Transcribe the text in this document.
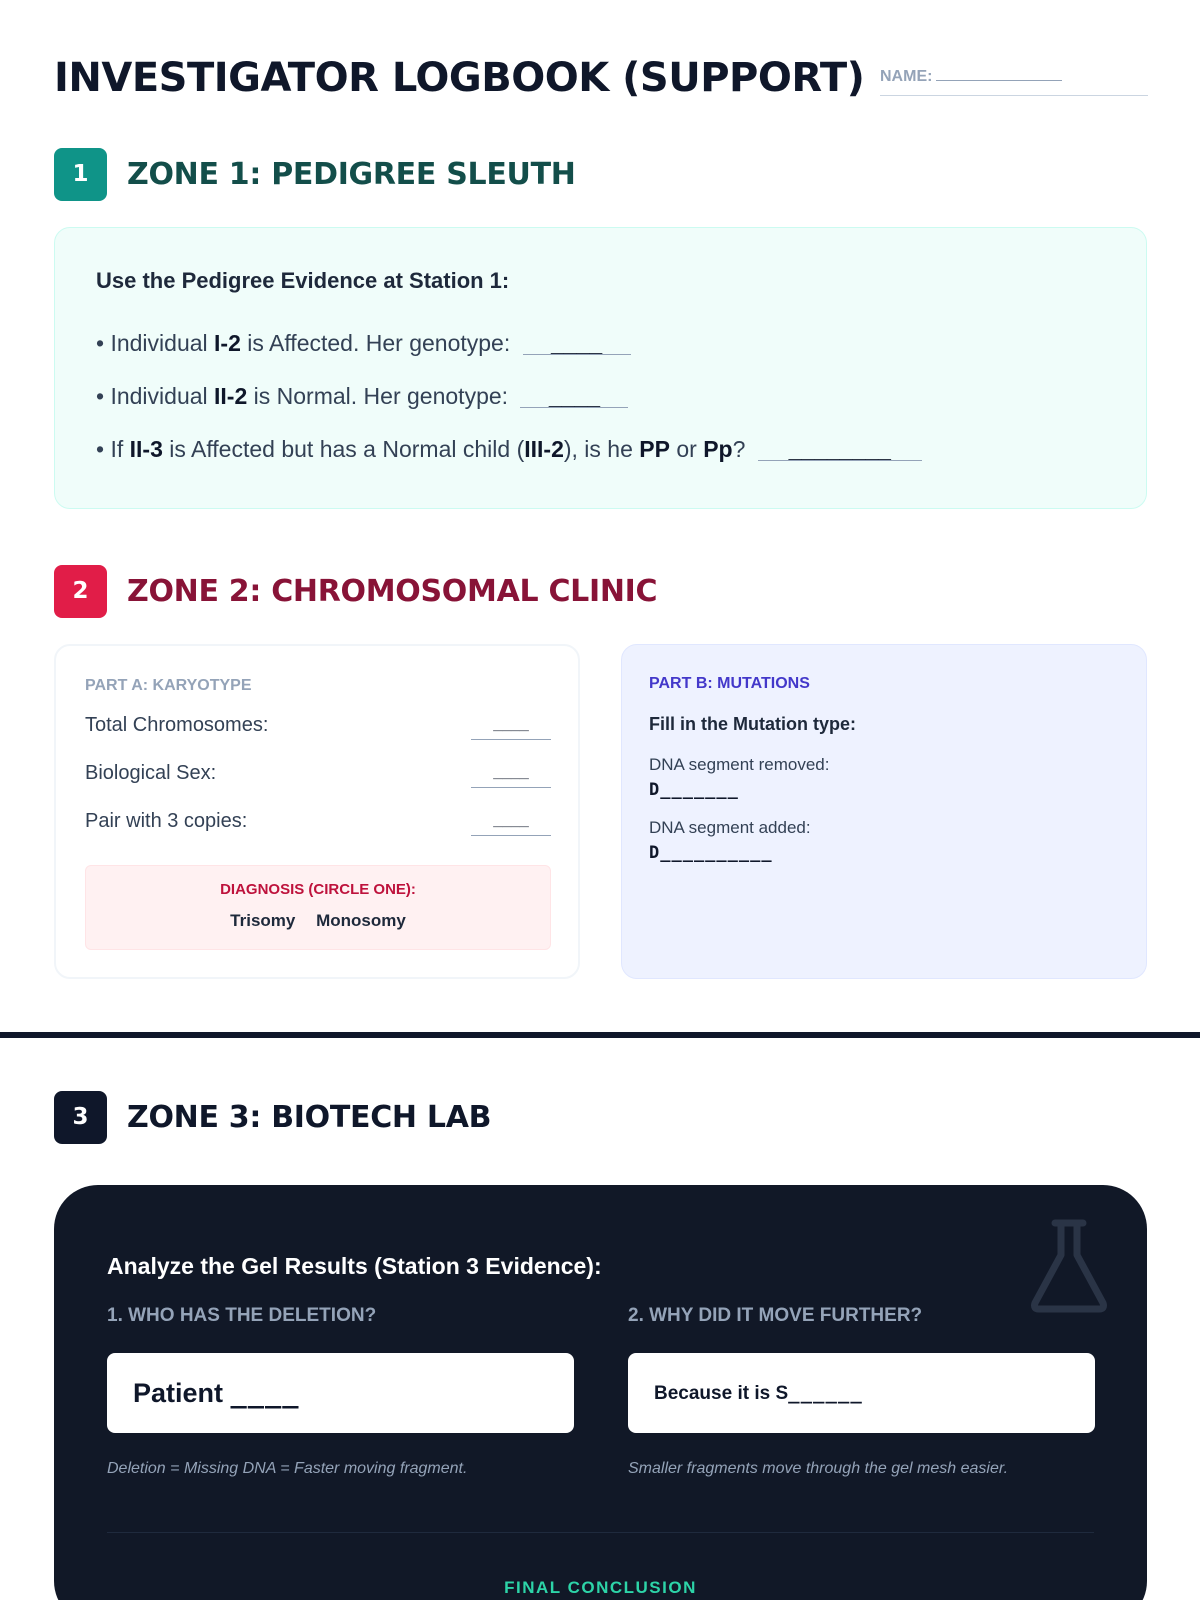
INVESTIGATOR LOGBOOK (SUPPORT) NAME:
1	ZONE 1: PEDIGREE SLEUTH
Use the Pedigree Evidence at Station 1:
• Individual I-2 is Affected. Her genotype: ____
• Individual II-2 is Normal. Her genotype: ____
• If II-3 is Affected but has a Normal child (III-2), is he PP or Pp? ________
2	ZONE 2: CHROMOSOMAL CLINIC
PART A: KARYOTYPE
Total Chromosomes:	____
Biological Sex:	____
Pair with 3 copies:	____
DIAGNOSIS (CIRCLE ONE):
Trisomy Monosomy
PART B: MUTATIONS
Fill in the Mutation type:
DNA segment removed:
D_______
DNA segment added:
D__________
3	ZONE 3: BIOTECH LAB
Analyze the Gel Results (Station 3 Evidence):
1. WHO HAS THE DELETION?	2. WHY DID IT MOVE FURTHER?
Patient ____	Because it is S______
Deletion = Missing DNA = Faster moving fragment.	Smaller fragments move through the gel mesh easier.
FINAL CONCLUSION
